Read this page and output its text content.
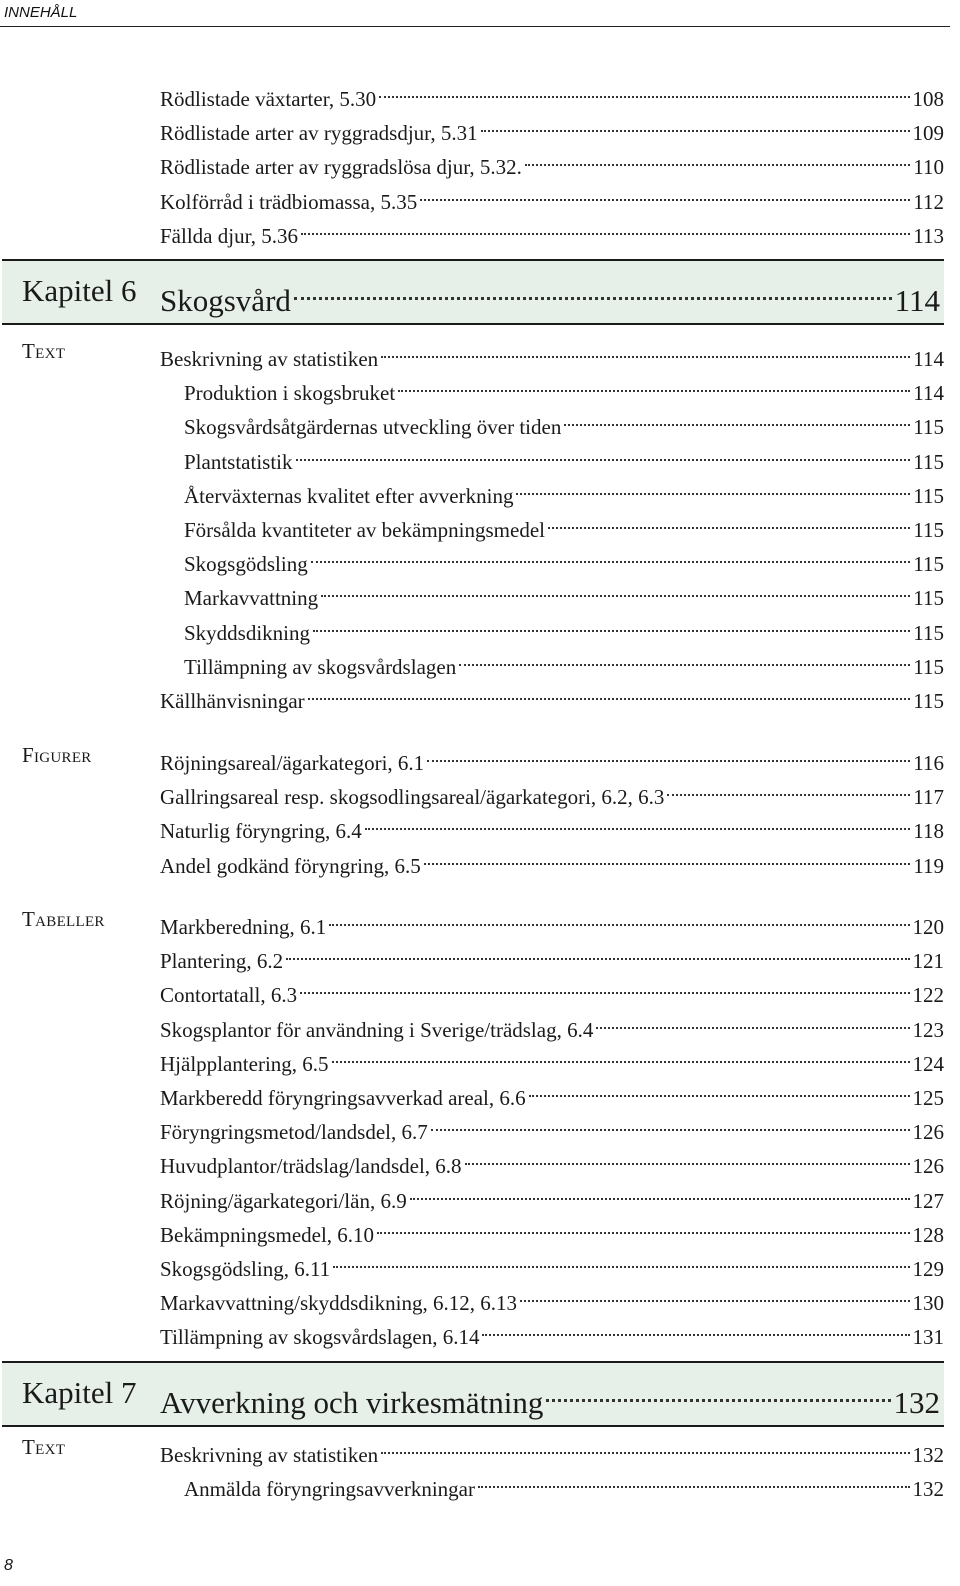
INNEHÅLL
Rödlistade växtarter, 5.30	108
Rödlistade arter av ryggradsdjur, 5.31	109
Rödlistade arter av ryggradslösa djur, 5.32.	110
Kolförråd i trädbiomassa, 5.35	112
Fällda djur, 5.36	113
Kapitel 6 Skogsvård	114
Text	Beskrivning av statistiken	114
Produktion i skogsbruket	114
Skogsvårdsåtgärdernas utveckling över tiden	115
Plantstatistik	115
Återväxternas kvalitet efter avverkning	115
Försålda kvantiteter av bekämpningsmedel	115
Skogsgödsling	115
Markavvattning	115
Skyddsdikning	115
Tillämpning av skogsvårdslagen	115
Källhänvisningar	115
Figurer	Röjningsareal/ägarkategori, 6.1	116
Gallringsareal resp. skogsodlingsareal/ägarkategori, 6.2, 6.3	117
Naturlig föryngring, 6.4	118
Andel godkänd föryngring, 6.5	119
Tabeller	Markberedning, 6.1	120
Plantering, 6.2	121
Contortatall, 6.3	122
Skogsplantor för användning i Sverige/trädslag, 6.4	123
Hjälpplantering, 6.5	124
Markberedd föryngringsavverkad areal, 6.6	125
Föryngringsmetod/landsdel, 6.7	126
Huvudplantor/trädslag/landsdel, 6.8	126
Röjning/ägarkategori/län, 6.9	127
Bekämpningsmedel, 6.10	128
Skogsgödsling, 6.11	129
Markavvattning/skyddsdikning, 6.12, 6.13	130
Tillämpning av skogsvårdslagen, 6.14	131
Kapitel 7 Avverkning och virkesmätning	132
Text	Beskrivning av statistiken	132
Anmälda föryngringsavverkningar	132
8
